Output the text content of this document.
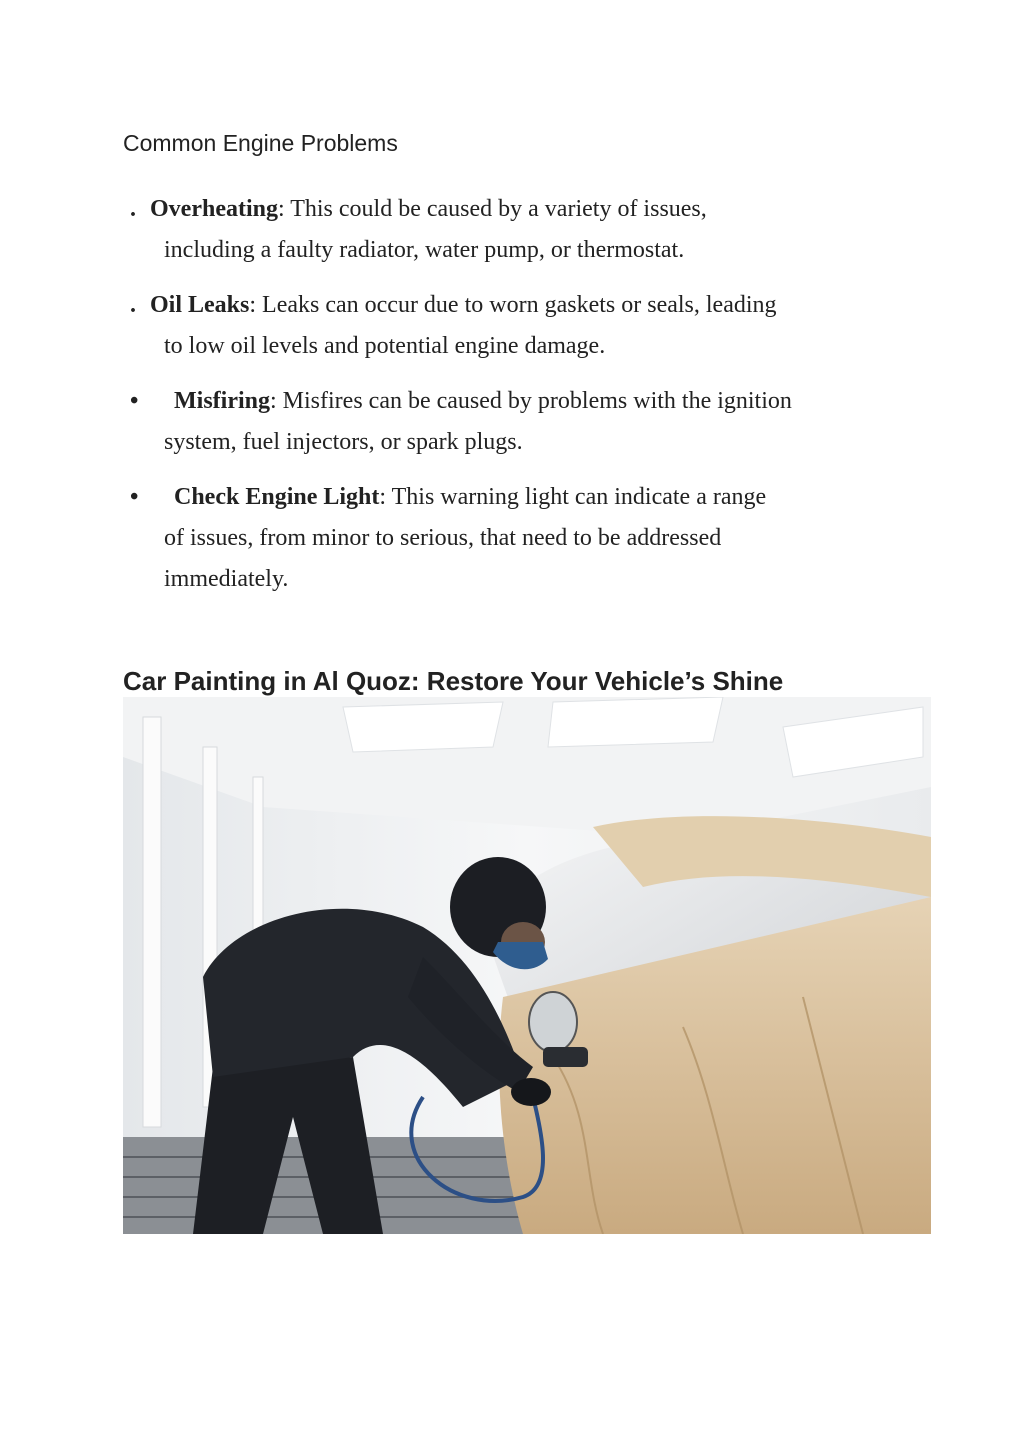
Common Engine Problems
. Overheating: This could be caused by a variety of issues,
including a faulty radiator, water pump, or thermostat.
. Oil Leaks: Leaks can occur due to worn gaskets or seals, leading
to low oil levels and potential engine damage.
• Misfiring: Misfires can be caused by problems with the ignition
system, fuel injectors, or spark plugs.
• Check Engine Light: This warning light can indicate a range
of issues, from minor to serious, that need to be addressed immediately.
Car Painting in Al Quoz: Restore Your Vehicle’s Shine
